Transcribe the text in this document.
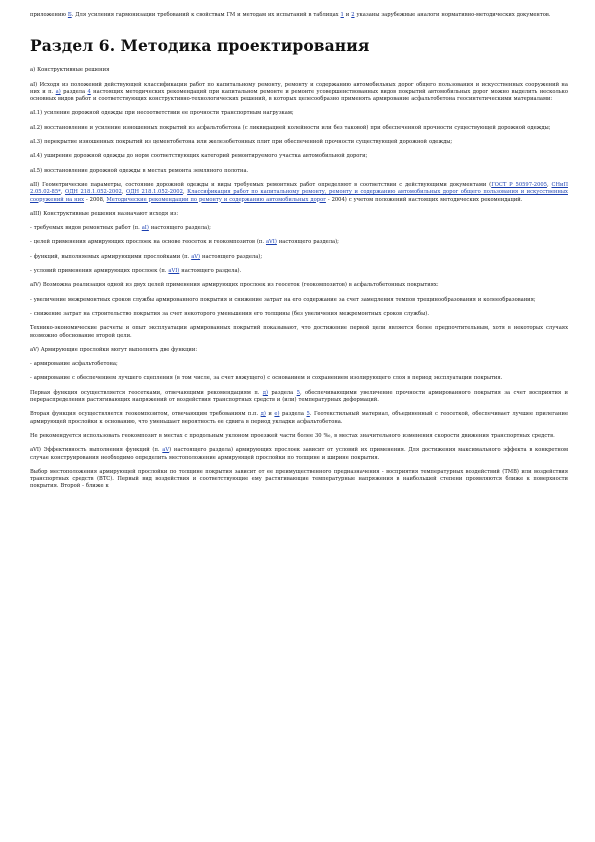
приложению Б. Для усиления гармонизации требований к свойствам ГМ и методам их испытаний в таблицах 1 и 2 указаны зарубежные аналоги нормативно-методических документов.

Раздел 6. Методика проектирования

а) Конструктивные решения

аI) Исходя из положений действующей классификации работ по капитальному ремонту, ремонту и содержанию автомобильных дорог общего пользования и искусственных сооружений на них и п. а) раздела 4 настоящих методических рекомендаций при капитальном ремонте и ремонте усовершенствованных видов покрытий автомобильных дорог можно выделить несколько основных видов работ и соответствующих конструктивно-технологических решений, в которых целесообразно применять армирование асфальтобетона геосинтетическими материалами:

аI.1) усиление дорожной одежды при несоответствии ее прочности транспортным нагрузкам;

аI.2) восстановление и усиление изношенных покрытий из асфальтобетона (с ликвидацией колейности или без таковой) при обеспеченной прочности существующей дорожной одежды;

аI.3) перекрытие изношенных покрытий из цементобетона или железобетонных плит при обеспеченной прочности существующей дорожной одежды;

аI.4) уширение дорожной одежды до норм соответствующих категорий ремонтируемого участка автомобильной дороги;

аI.5) восстановление дорожной одежды в местах ремонта земляного полотна.

аII) Геометрические параметры, состояние дорожной одежды и виды требуемых ремонтных работ определяют в соответствии с действующими документами (ГОСТ Р 50597-2005, СНиП 2.05.02-85*, ОДН 218.1.052-2002, ОДН 218.1.052-2002, Классификация работ по капитальному ремонту, ремонту и содержанию автомобильных дорог общего пользования и искусственных сооружений на них - 2008, Методические рекомендации по ремонту и содержанию автомобильных дорог - 2004) с учетом положений настоящих методических рекомендаций.

аIII) Конструктивные решения назначают исходя из:

- требуемых видов ремонтных работ (п. аI) настоящего раздела);

- целей применения армирующих прослоек на основе геосеток и геокомпозитов (п. аVI) настоящего раздела);

- функций, выполняемых армирующими прослойками (п. аV) настоящего раздела);

- условий применения армирующих прослоек (п. аVI) настоящего раздела).

аIV) Возможна реализация одной из двух целей применения армирующих прослоек из геосеток (геокомпозитов) в асфальтобетонных покрытиях:

- увеличение межремонтных сроков службы армированного покрытия и снижение затрат на его содержание за счет замедления темпов трещинообразования и колееобразования;

- снижение затрат на строительство покрытия за счет некоторого уменьшения его толщины (без увеличения межремонтных сроков службы).

Технико-экономические расчеты и опыт эксплуатации армированных покрытий показывают, что достижение первой цели является более предпочтительным, хотя в некоторых случаях возможно обоснование второй цели.

аV) Армирующие прослойки могут выполнять две функции:

- армирование асфальтобетона;

- армирование с обеспечением лучшего сцепления (в том числе, за счет вяжущего) с основанием и сохранением изолирующего слоя в период эксплуатации покрытия.

Первая функция осуществляется геосетками, отвечающими рекомендациям п. д) раздела 5, обеспечивающими увеличение прочности армированного покрытия за счет восприятия и перераспределения растягивающих напряжений от воздействия транспортных средств и (или) температурных деформаций.

Вторая функция осуществляется геокомпозитом, отвечающим требованиям п.п. д) и е) раздела 5. Геотекстильный материал, объединенный с геосеткой, обеспечивает лучшее прилегание армирующей прослойки к основанию, что уменьшает вероятность ее сдвига в период укладки асфальтобетона.

Не рекомендуется использовать геокомпозит в местах с продольным уклоном проезжей части более 30 ‰, в местах значительного изменения скорости движения транспортных средств.

аVI) Эффективность выполнения функций (п. аV) настоящего раздела) армирующих прослоек зависит от условий их применения. Для достижения максимального эффекта в конкретном случае конструирования необходимо определить местоположение армирующей прослойки по толщине и ширине покрытия.

Выбор местоположения армирующей прослойки по толщине покрытия зависит от ее преимущественного предназначения - восприятия температурных воздействий (ТМВ) или воздействия транспортных средств (ВТС). Первый вид воздействия и соответствующие ему растягивающие температурные напряжения в наибольшей степени проявляются ближе к поверхности покрытия. Второй - ближе к
